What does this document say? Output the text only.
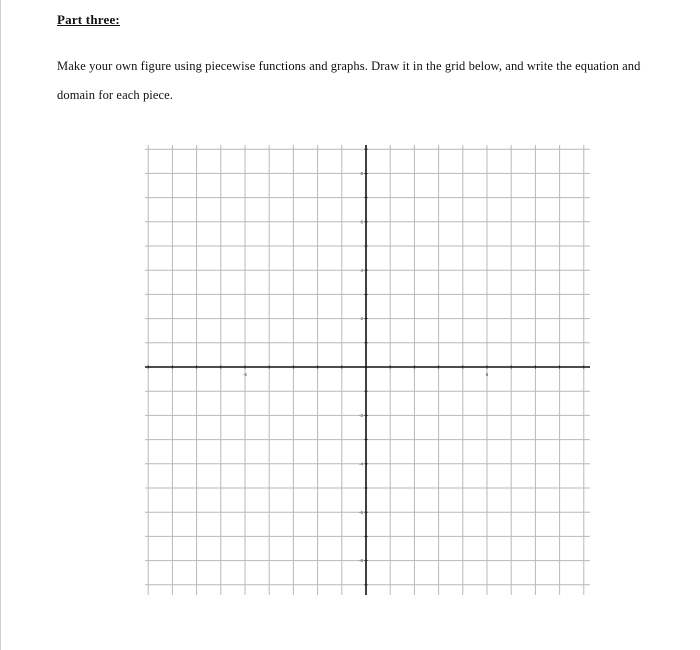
Part three:

Make your own figure using piecewise functions and graphs. Draw it in the grid below, and write the equation and domain for each piece.

-5	5
8
6
4
2
-2
-4
-6
-8
